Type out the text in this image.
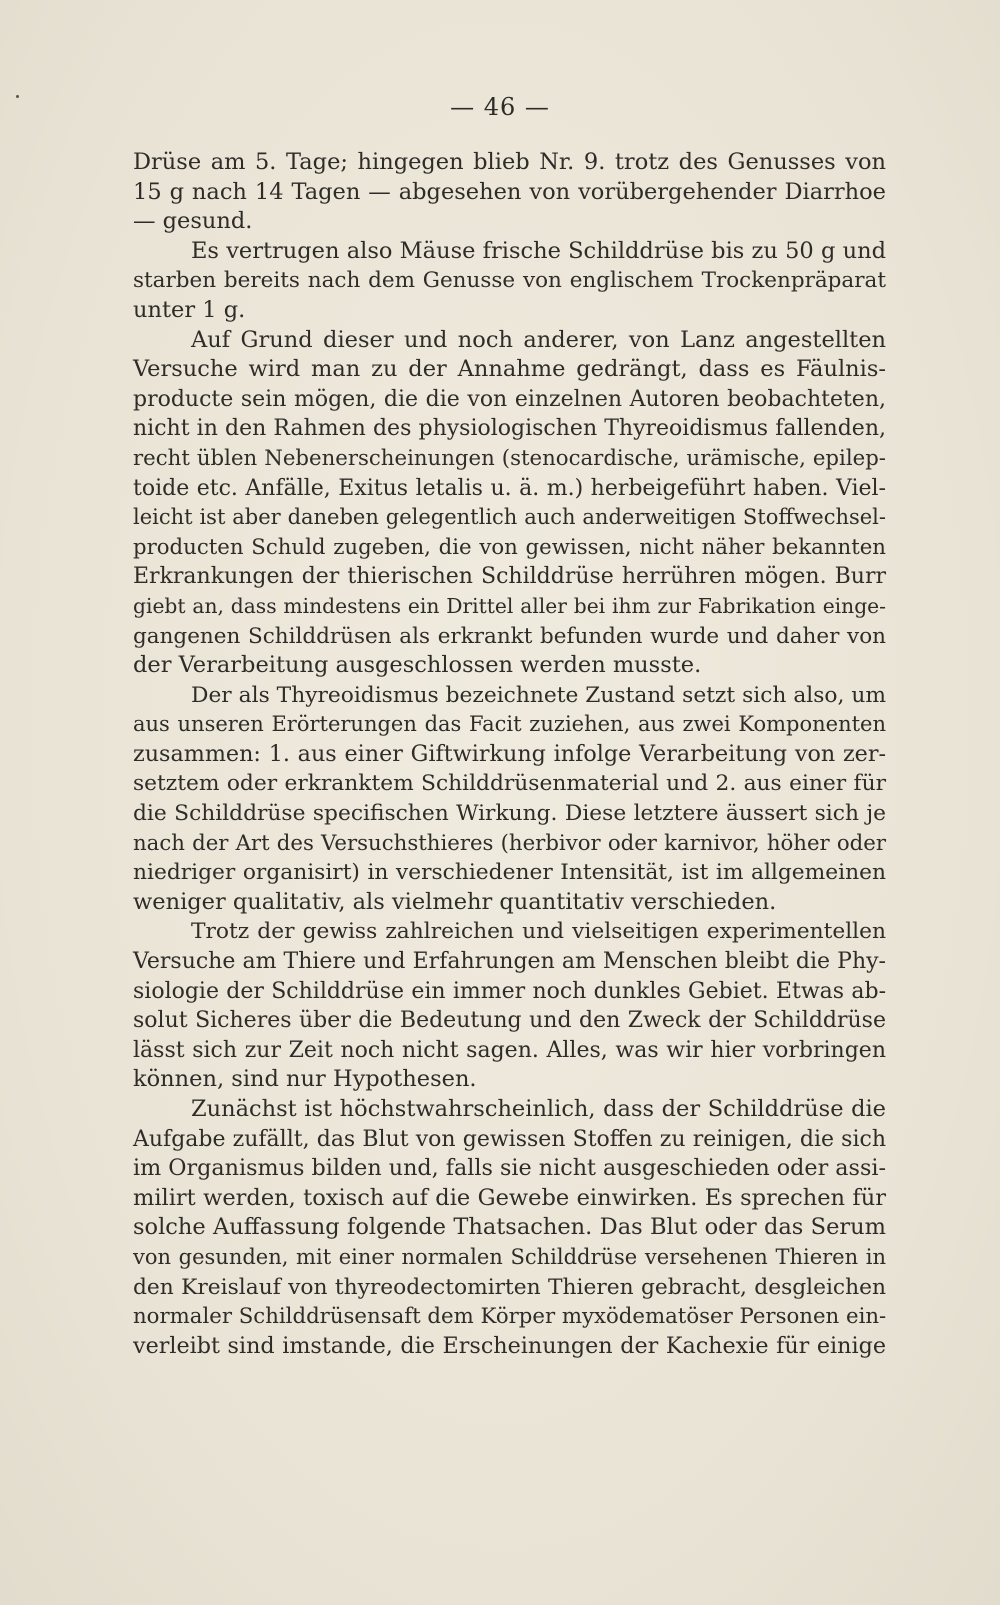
— 46 —
Drüse am 5. Tage; hingegen blieb Nr. 9. trotz des Genusses von
15 g nach 14 Tagen — abgesehen von vorübergehender Diarrhoe
— gesund.
Es vertrugen also Mäuse frische Schilddrüse bis zu 50 g und
starben bereits nach dem Genusse von englischem Trockenpräparat
unter 1 g.
Auf Grund dieser und noch anderer, von Lanz angestellten
Versuche wird man zu der Annahme gedrängt, dass es Fäulnis-
producte sein mögen, die die von einzelnen Autoren beobachteten,
nicht in den Rahmen des physiologischen Thyreoidismus fallenden,
recht üblen Nebenerscheinungen (stenocardische, urämische, epilep-
toide etc. Anfälle, Exitus letalis u. ä. m.) herbeigeführt haben. Viel-
leicht ist aber daneben gelegentlich auch anderweitigen Stoffwechsel-
producten Schuld zugeben, die von gewissen, nicht näher bekannten
Erkrankungen der thierischen Schilddrüse herrühren mögen. Burr
giebt an, dass mindestens ein Drittel aller bei ihm zur Fabrikation einge-
gangenen Schilddrüsen als erkrankt befunden wurde und daher von
der Verarbeitung ausgeschlossen werden musste.
Der als Thyreoidismus bezeichnete Zustand setzt sich also, um
aus unseren Erörterungen das Facit zuziehen, aus zwei Komponenten
zusammen: 1. aus einer Giftwirkung infolge Verarbeitung von zer-
setztem oder erkranktem Schilddrüsenmaterial und 2. aus einer für
die Schilddrüse specifischen Wirkung. Diese letztere äussert sich je
nach der Art des Versuchsthieres (herbivor oder karnivor, höher oder
niedriger organisirt) in verschiedener Intensität, ist im allgemeinen
weniger qualitativ, als vielmehr quantitativ verschieden.
Trotz der gewiss zahlreichen und vielseitigen experimentellen
Versuche am Thiere und Erfahrungen am Menschen bleibt die Phy-
siologie der Schilddrüse ein immer noch dunkles Gebiet. Etwas ab-
solut Sicheres über die Bedeutung und den Zweck der Schilddrüse
lässt sich zur Zeit noch nicht sagen. Alles, was wir hier vorbringen
können, sind nur Hypothesen.
Zunächst ist höchstwahrscheinlich, dass der Schilddrüse die
Aufgabe zufällt, das Blut von gewissen Stoffen zu reinigen, die sich
im Organismus bilden und, falls sie nicht ausgeschieden oder assi-
milirt werden, toxisch auf die Gewebe einwirken. Es sprechen für
solche Auffassung folgende Thatsachen. Das Blut oder das Serum
von gesunden, mit einer normalen Schilddrüse versehenen Thieren in
den Kreislauf von thyreodectomirten Thieren gebracht, desgleichen
normaler Schilddrüsensaft dem Körper myxödematöser Personen ein-
verleibt sind imstande, die Erscheinungen der Kachexie für einige
